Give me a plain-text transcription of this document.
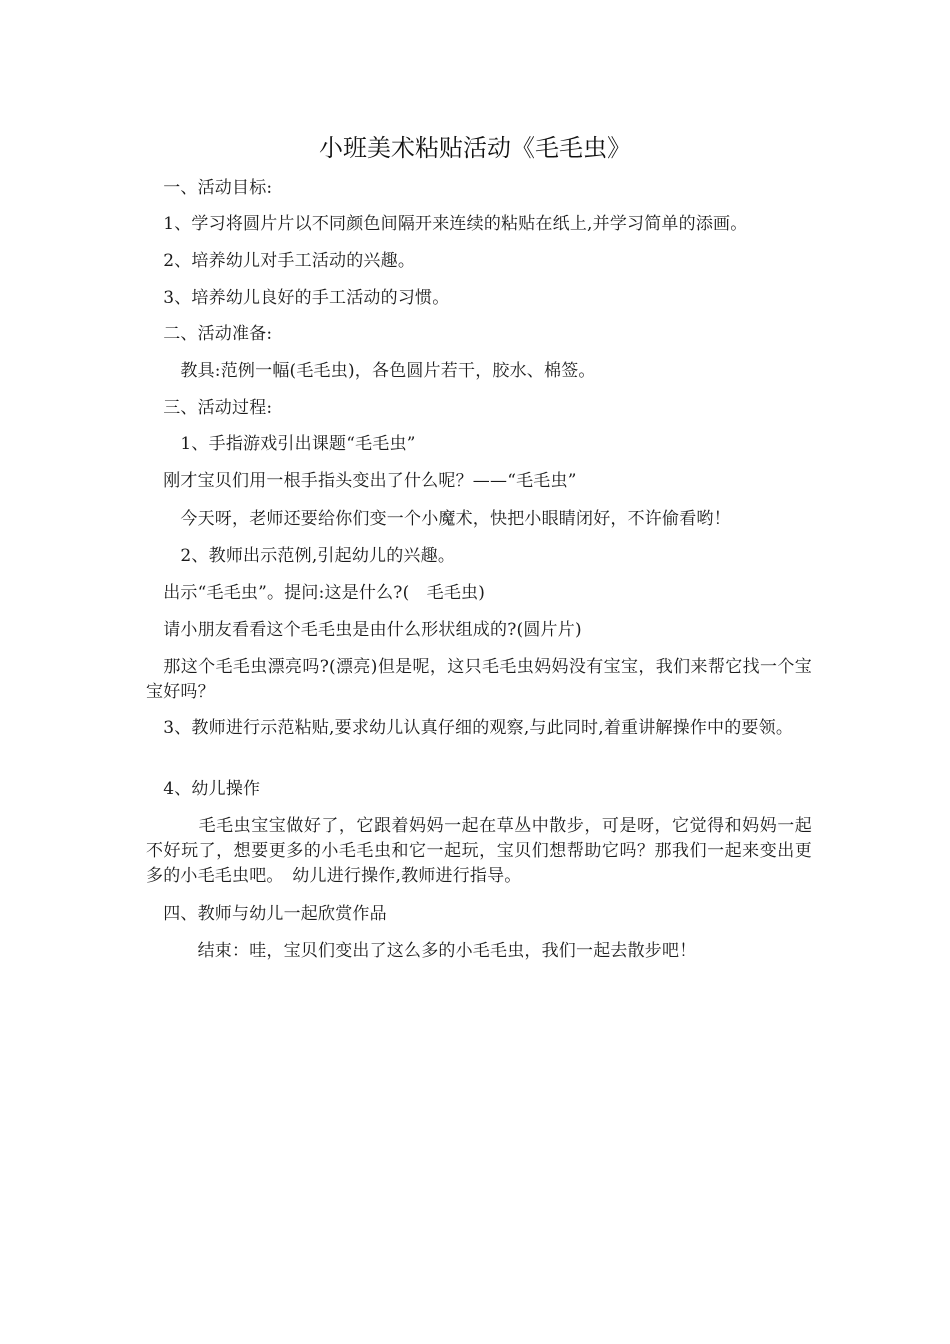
小班美术粘贴活动《毛毛虫》
　一、活动目标:
　1、学习将圆片片以不同颜色间隔开来连续的粘贴在纸上,并学习简单的添画。
　2、培养幼儿对手工活动的兴趣。
　3、培养幼儿良好的手工活动的习惯。
　二、活动准备:
　　教具:范例一幅(毛毛虫)，各色圆片若干，胶水、棉签。
　三、活动过程:
　　1、手指游戏引出课题“毛毛虫”
　刚才宝贝们用一根手指头变出了什么呢？——“毛毛虫”
　　今天呀，老师还要给你们变一个小魔术，快把小眼睛闭好，不许偷看哟！
　　2、教师出示范例,引起幼儿的兴趣。
　出示“毛毛虫”。提问:这是什么?(　毛毛虫)
　请小朋友看看这个毛毛虫是由什么形状组成的?(圆片片)
　那这个毛毛虫漂亮吗?(漂亮)但是呢，这只毛毛虫妈妈没有宝宝，我们来帮它找一个宝宝好吗？
　3、教师进行示范粘贴,要求幼儿认真仔细的观察,与此同时,着重讲解操作中的要领。
　4、幼儿操作
　　　毛毛虫宝宝做好了，它跟着妈妈一起在草丛中散步，可是呀，它觉得和妈妈一起不好玩了，想要更多的小毛毛虫和它一起玩，宝贝们想帮助它吗？那我们一起来变出更多的小毛毛虫吧。　幼儿进行操作,教师进行指导。
　四、教师与幼儿一起欣赏作品
　　　结束：哇，宝贝们变出了这么多的小毛毛虫，我们一起去散步吧！
